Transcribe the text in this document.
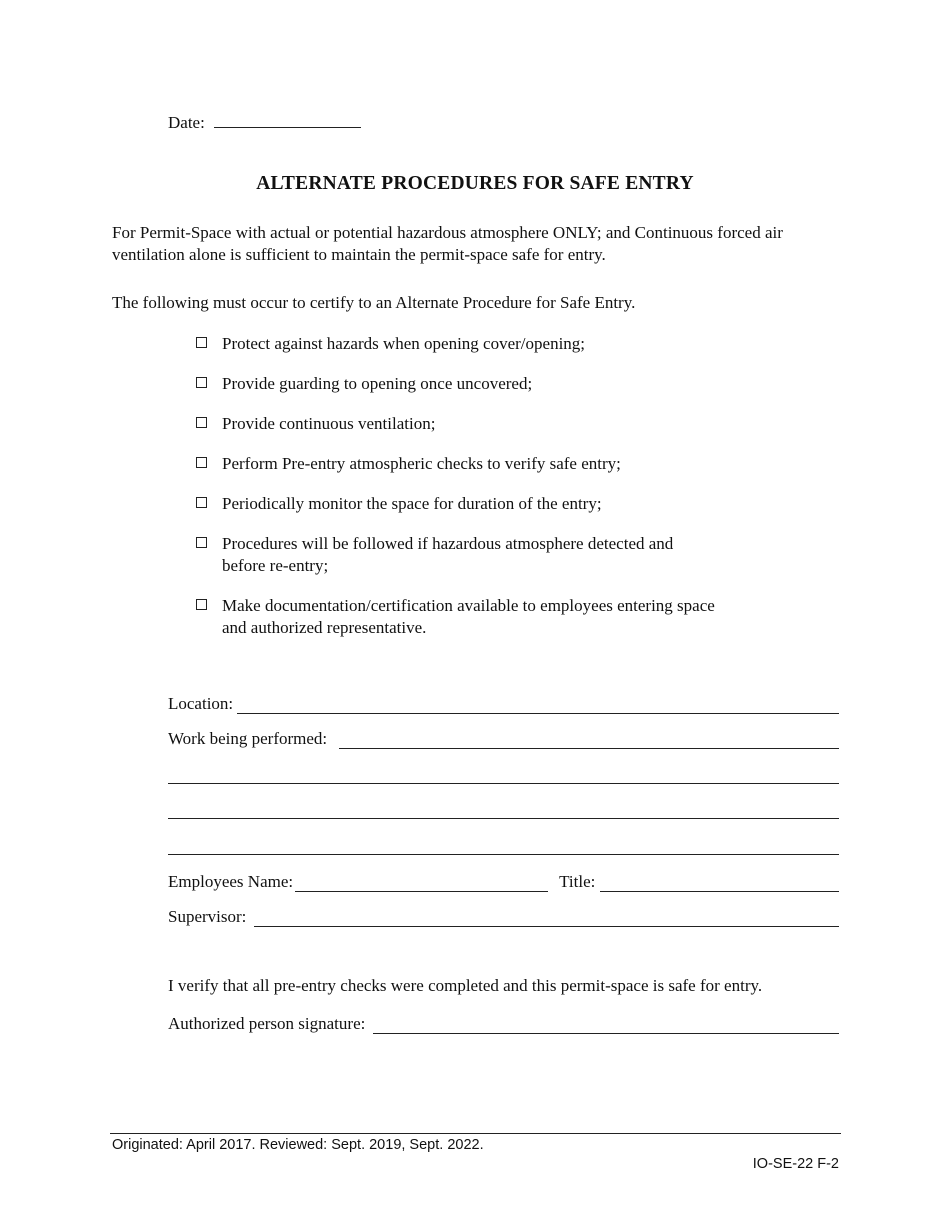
Date:
ALTERNATE PROCEDURES FOR SAFE ENTRY
For Permit-Space with actual or potential hazardous atmosphere ONLY; and Continuous forced air ventilation alone is sufficient to maintain the permit-space safe for entry.
The following must occur to certify to an Alternate Procedure for Safe Entry.
Protect against hazards when opening cover/opening;
Provide guarding to opening once uncovered;
Provide continuous ventilation;
Perform Pre-entry atmospheric checks to verify safe entry;
Periodically monitor the space for duration of the entry;
Procedures will be followed if hazardous atmosphere detected and before re-entry;
Make documentation/certification available to employees entering space and authorized representative.
Location:
Work being performed:
Employees Name:	Title:
Supervisor:
I verify that all pre-entry checks were completed and this permit-space is safe for entry.
Authorized person signature:
Originated: April 2017. Reviewed: Sept. 2019, Sept. 2022.
IO-SE-22 F-2
